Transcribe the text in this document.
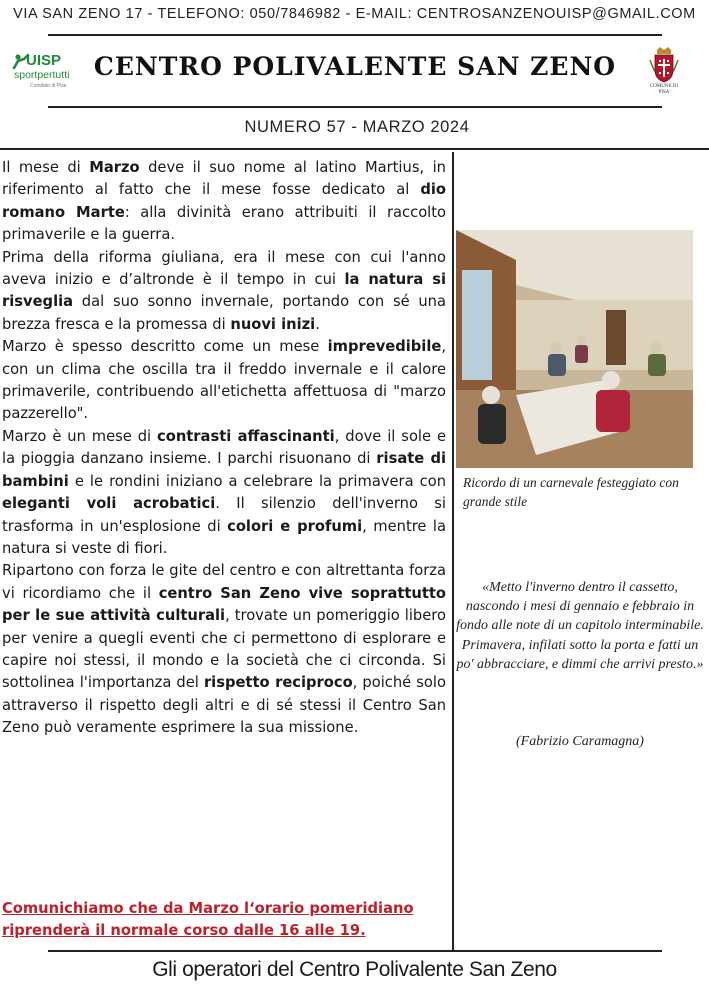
VIA SAN ZENO 17 - TELEFONO: 050/7846982 - E-MAIL: CENTROSANZENOUISP@GMAIL.COM
UISP
sportpertutti
Comitato di Pisa
CENTRO POLIVALENTE SAN ZENO
COMUNE DI PISA
NUMERO 57 - MARZO 2024

Il mese di Marzo deve il suo nome al latino Martius, in riferimento al fatto che il mese fosse dedicato al dio romano Marte: alla divinità erano attribuiti il raccolto primaverile e la guerra.

Prima della riforma giuliana, era il mese con cui l'anno aveva inizio e d’altronde è il tempo in cui la natura si risveglia dal suo sonno invernale, portando con sé una brezza fresca e la promessa di nuovi inizi.

Marzo è spesso descritto come un mese imprevedibile, con un clima che oscilla tra il freddo invernale e il calore primaverile, contribuendo all'etichetta affettuosa di "marzo pazzerello".

Marzo è un mese di contrasti affascinanti, dove il sole e la pioggia danzano insieme. I parchi risuonano di risate di bambini e le rondini iniziano a celebrare la primavera con eleganti voli acrobatici. Il silenzio dell'inverno si trasforma in un'esplosione di colori e profumi, mentre la natura si veste di fiori.

Ripartono con forza le gite del centro e con altrettanta forza vi ricordiamo che il centro San Zeno vive soprattutto per le sue attività culturali, trovate un pomeriggio libero per venire a quegli eventi che ci permettono di esplorare e capire noi stessi, il mondo e la società che ci circonda. Si sottolinea l'importanza del rispetto reciproco, poiché solo attraverso il rispetto degli altri e di sé stessi il Centro San Zeno può veramente esprimere la sua missione.

Comunichiamo che da Marzo l‘orario pomeridiano riprenderà il normale corso dalle 16 alle 19.
Ricordo di un carnevale festeggiato con grande stile
«Metto l'inverno dentro il cassetto, nascondo i mesi di gennaio e febbraio in fondo alle note di un capitolo interminabile. Primavera, infilati sotto la porta e fatti un po' abbracciare, e dimmi che arrivi presto.»
(Fabrizio Caramagna)
Gli operatori del Centro Polivalente San Zeno
